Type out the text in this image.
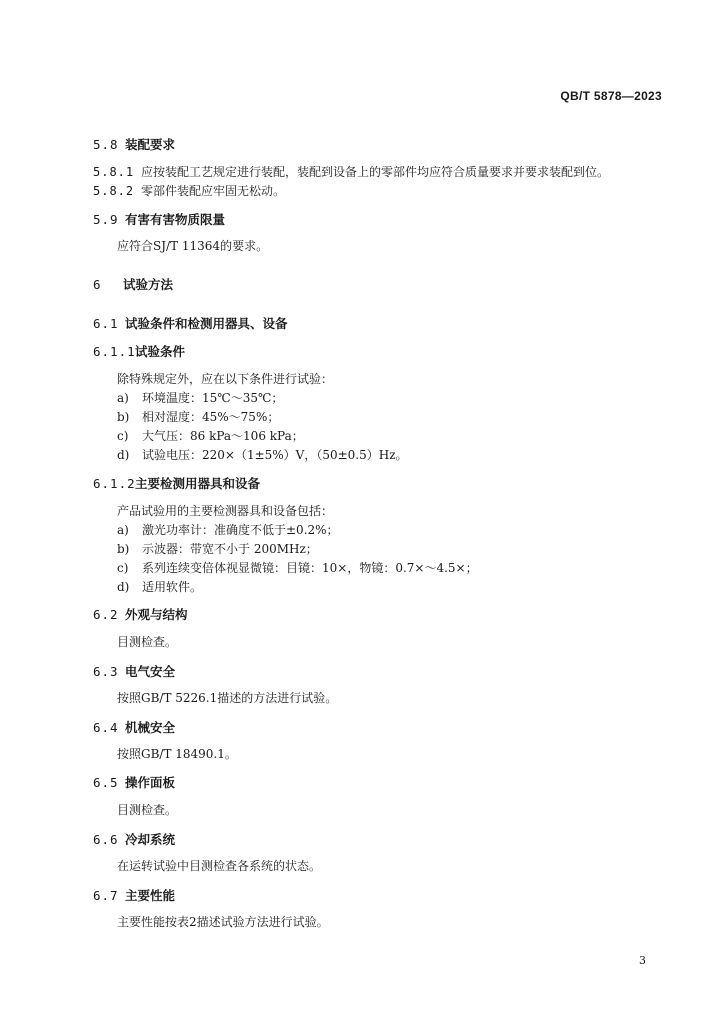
QB/T 5878—2023
5.8 装配要求
5.8.1 应按装配工艺规定进行装配，装配到设备上的零部件均应符合质量要求并要求装配到位。
5.8.2 零部件装配应牢固无松动。
5.9 有害有害物质限量
应符合SJ/T 11364的要求。
6 试验方法
6.1 试验条件和检测用器具、设备
6.1.1试验条件
除特殊规定外，应在以下条件进行试验：
a) 环境温度：15℃～35℃；
b) 相对湿度：45%～75%；
c) 大气压：86 kPa～106 kPa；
d) 试验电压：220×（1±5%）V，（50±0.5）Hz。
6.1.2主要检测用器具和设备
产品试验用的主要检测器具和设备包括：
a) 激光功率计：准确度不低于±0.2%；
b) 示波器：带宽不小于 200MHz；
c) 系列连续变倍体视显微镜：目镜：10×，物镜：0.7×～4.5×；
d) 适用软件。
6.2 外观与结构
目测检查。
6.3 电气安全
按照GB/T 5226.1描述的方法进行试验。
6.4 机械安全
按照GB/T 18490.1。
6.5 操作面板
目测检查。
6.6 冷却系统
在运转试验中目测检查各系统的状态。
6.7 主要性能
主要性能按表2描述试验方法进行试验。
3
